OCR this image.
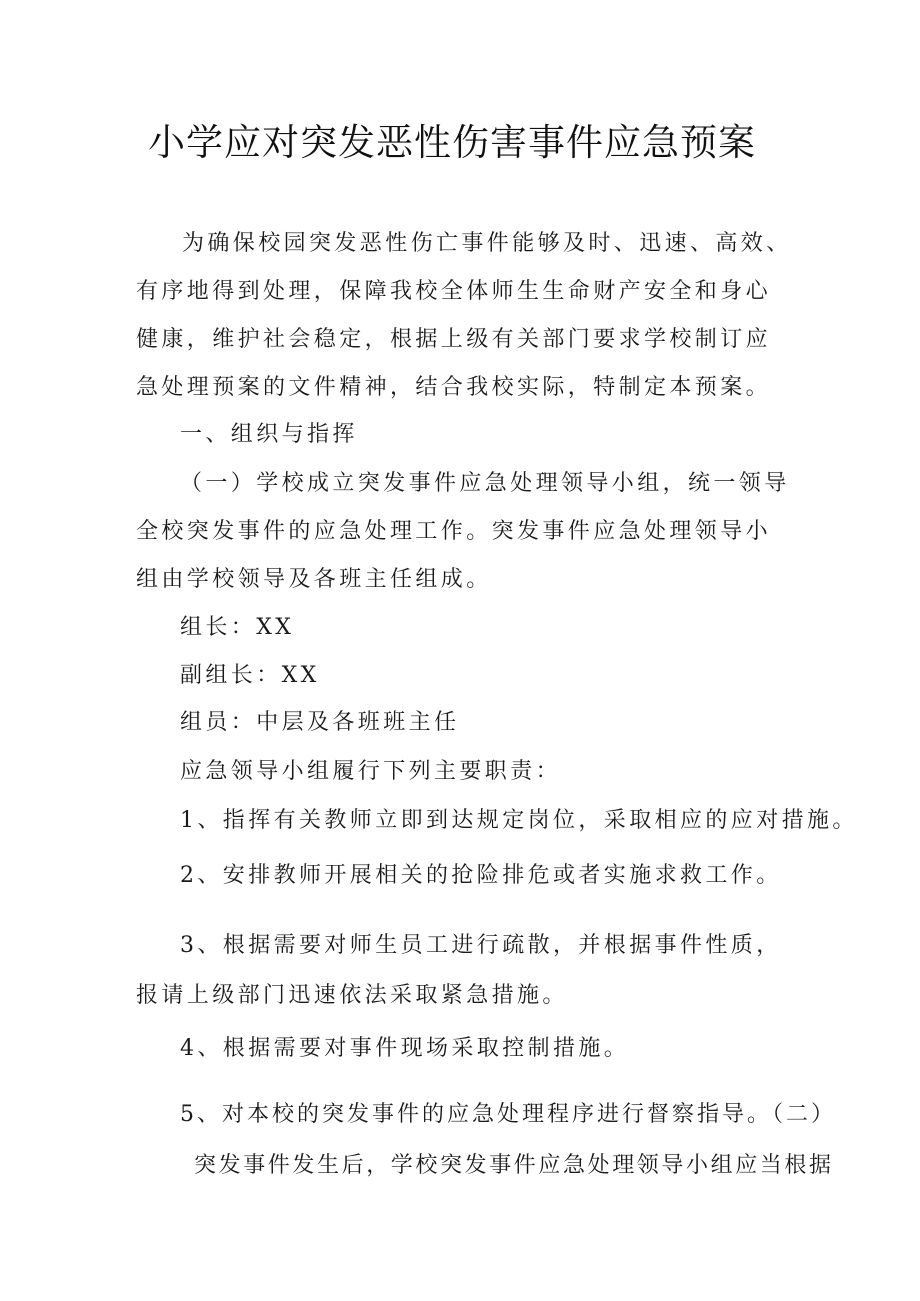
小学应对突发恶性伤害事件应急预案
为确保校园突发恶性伤亡事件能够及时、迅速、高效、有序地得到处理，保障我校全体师生生命财产安全和身心健康，维护社会稳定，根据上级有关部门要求学校制订应急处理预案的文件精神，结合我校实际，特制定本预案。
一、组织与指挥
（一）学校成立突发事件应急处理领导小组，统一领导全校突发事件的应急处理工作。突发事件应急处理领导小组由学校领导及各班主任组成。
组长：XX
副组长：XX
组员：中层及各班班主任
应急领导小组履行下列主要职责：
1、指挥有关教师立即到达规定岗位，采取相应的应对措施。
2、安排教师开展相关的抢险排危或者实施求救工作。
3、根据需要对师生员工进行疏散，并根据事件性质，报请上级部门迅速依法采取紧急措施。
4、根据需要对事件现场采取控制措施。
5、对本校的突发事件的应急处理程序进行督察指导。（二）
突发事件发生后，学校突发事件应急处理领导小组应当根据
